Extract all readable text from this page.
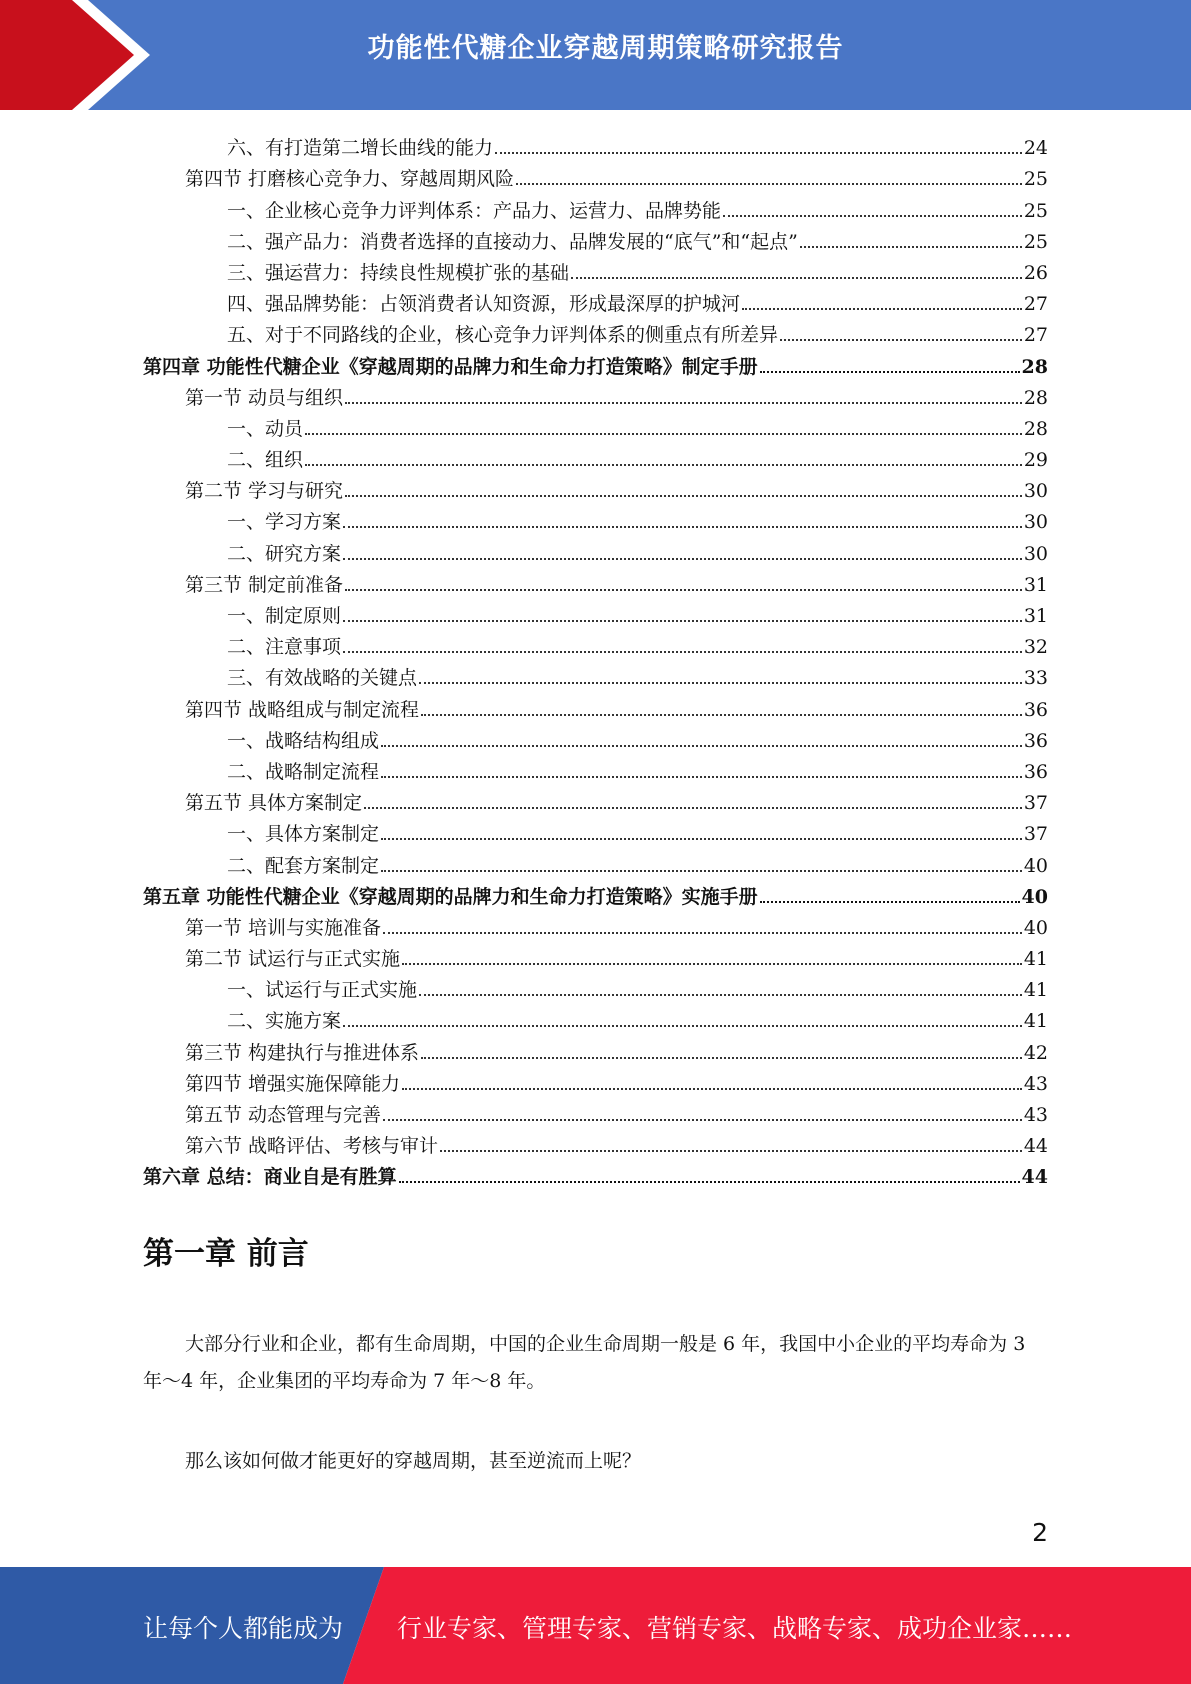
功能性代糖企业穿越周期策略研究报告
六、有打造第二增长曲线的能力	24
第四节 打磨核心竞争力、穿越周期风险	25
一、企业核心竞争力评判体系：产品力、运营力、品牌势能	25
二、强产品力：消费者选择的直接动力、品牌发展的“底气”和“起点”	25
三、强运营力：持续良性规模扩张的基础	26
四、强品牌势能：占领消费者认知资源，形成最深厚的护城河	27
五、对于不同路线的企业，核心竞争力评判体系的侧重点有所差异	27
第四章 功能性代糖企业《穿越周期的品牌力和生命力打造策略》制定手册	28
第一节 动员与组织	28
一、动员	28
二、组织	29
第二节 学习与研究	30
一、学习方案	30
二、研究方案	30
第三节 制定前准备	31
一、制定原则	31
二、注意事项	32
三、有效战略的关键点	33
第四节 战略组成与制定流程	36
一、战略结构组成	36
二、战略制定流程	36
第五节 具体方案制定	37
一、具体方案制定	37
二、配套方案制定	40
第五章 功能性代糖企业《穿越周期的品牌力和生命力打造策略》实施手册	40
第一节 培训与实施准备	40
第二节 试运行与正式实施	41
一、试运行与正式实施	41
二、实施方案	41
第三节 构建执行与推进体系	42
第四节 增强实施保障能力	43
第五节 动态管理与完善	43
第六节 战略评估、考核与审计	44
第六章 总结：商业自是有胜算	44
第一章 前言
大部分行业和企业，都有生命周期，中国的企业生命周期一般是 6 年，我国中小企业的平均寿命为 3 年～4 年，企业集团的平均寿命为 7 年～8 年。
那么该如何做才能更好的穿越周期，甚至逆流而上呢？
2
让每个人都能成为 行业专家、管理专家、营销专家、战略专家、成功企业家……
